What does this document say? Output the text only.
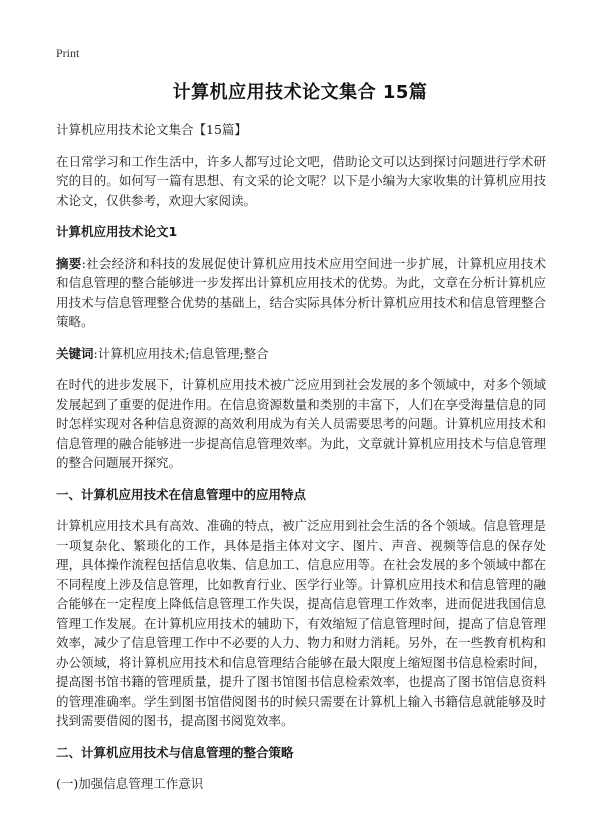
Print
计算机应用技术论文集合 15篇

计算机应用技术论文集合【15篇】

在日常学习和工作生活中，许多人都写过论文吧，借助论文可以达到探讨问题进行学术研究的目的。如何写一篇有思想、有文采的论文呢？以下是小编为大家收集的计算机应用技术论文，仅供参考，欢迎大家阅读。

计算机应用技术论文1

摘要:社会经济和科技的发展促使计算机应用技术应用空间进一步扩展，计算机应用技术和信息管理的整合能够进一步发挥出计算机应用技术的优势。为此，文章在分析计算机应用技术与信息管理整合优势的基础上，结合实际具体分析计算机应用技术和信息管理整合策略。

关键词:计算机应用技术;信息管理;整合

在时代的进步发展下，计算机应用技术被广泛应用到社会发展的多个领域中，对多个领域发展起到了重要的促进作用。在信息资源数量和类别的丰富下，人们在享受海量信息的同时怎样实现对各种信息资源的高效利用成为有关人员需要思考的问题。计算机应用技术和信息管理的融合能够进一步提高信息管理效率。为此，文章就计算机应用技术与信息管理的整合问题展开探究。

一、计算机应用技术在信息管理中的应用特点

计算机应用技术具有高效、准确的特点，被广泛应用到社会生活的各个领域。信息管理是一项复杂化、繁琐化的工作，具体是指主体对文字、图片、声音、视频等信息的保存处理，具体操作流程包括信息收集、信息加工、信息应用等。在社会发展的多个领域中都在不同程度上涉及信息管理，比如教育行业、医学行业等。计算机应用技术和信息管理的融合能够在一定程度上降低信息管理工作失误，提高信息管理工作效率，进而促进我国信息管理工作发展。在计算机应用技术的辅助下，有效缩短了信息管理时间，提高了信息管理效率，减少了信息管理工作中不必要的人力、物力和财力消耗。另外，在一些教育机构和办公领域，将计算机应用技术和信息管理结合能够在最大限度上缩短图书信息检索时间，提高图书馆书籍的管理质量，提升了图书馆图书信息检索效率，也提高了图书馆信息资料的管理准确率。学生到图书馆借阅图书的时候只需要在计算机上输入书籍信息就能够及时找到需要借阅的图书，提高图书阅览效率。

二、计算机应用技术与信息管理的整合策略

(一)加强信息管理工作意识
